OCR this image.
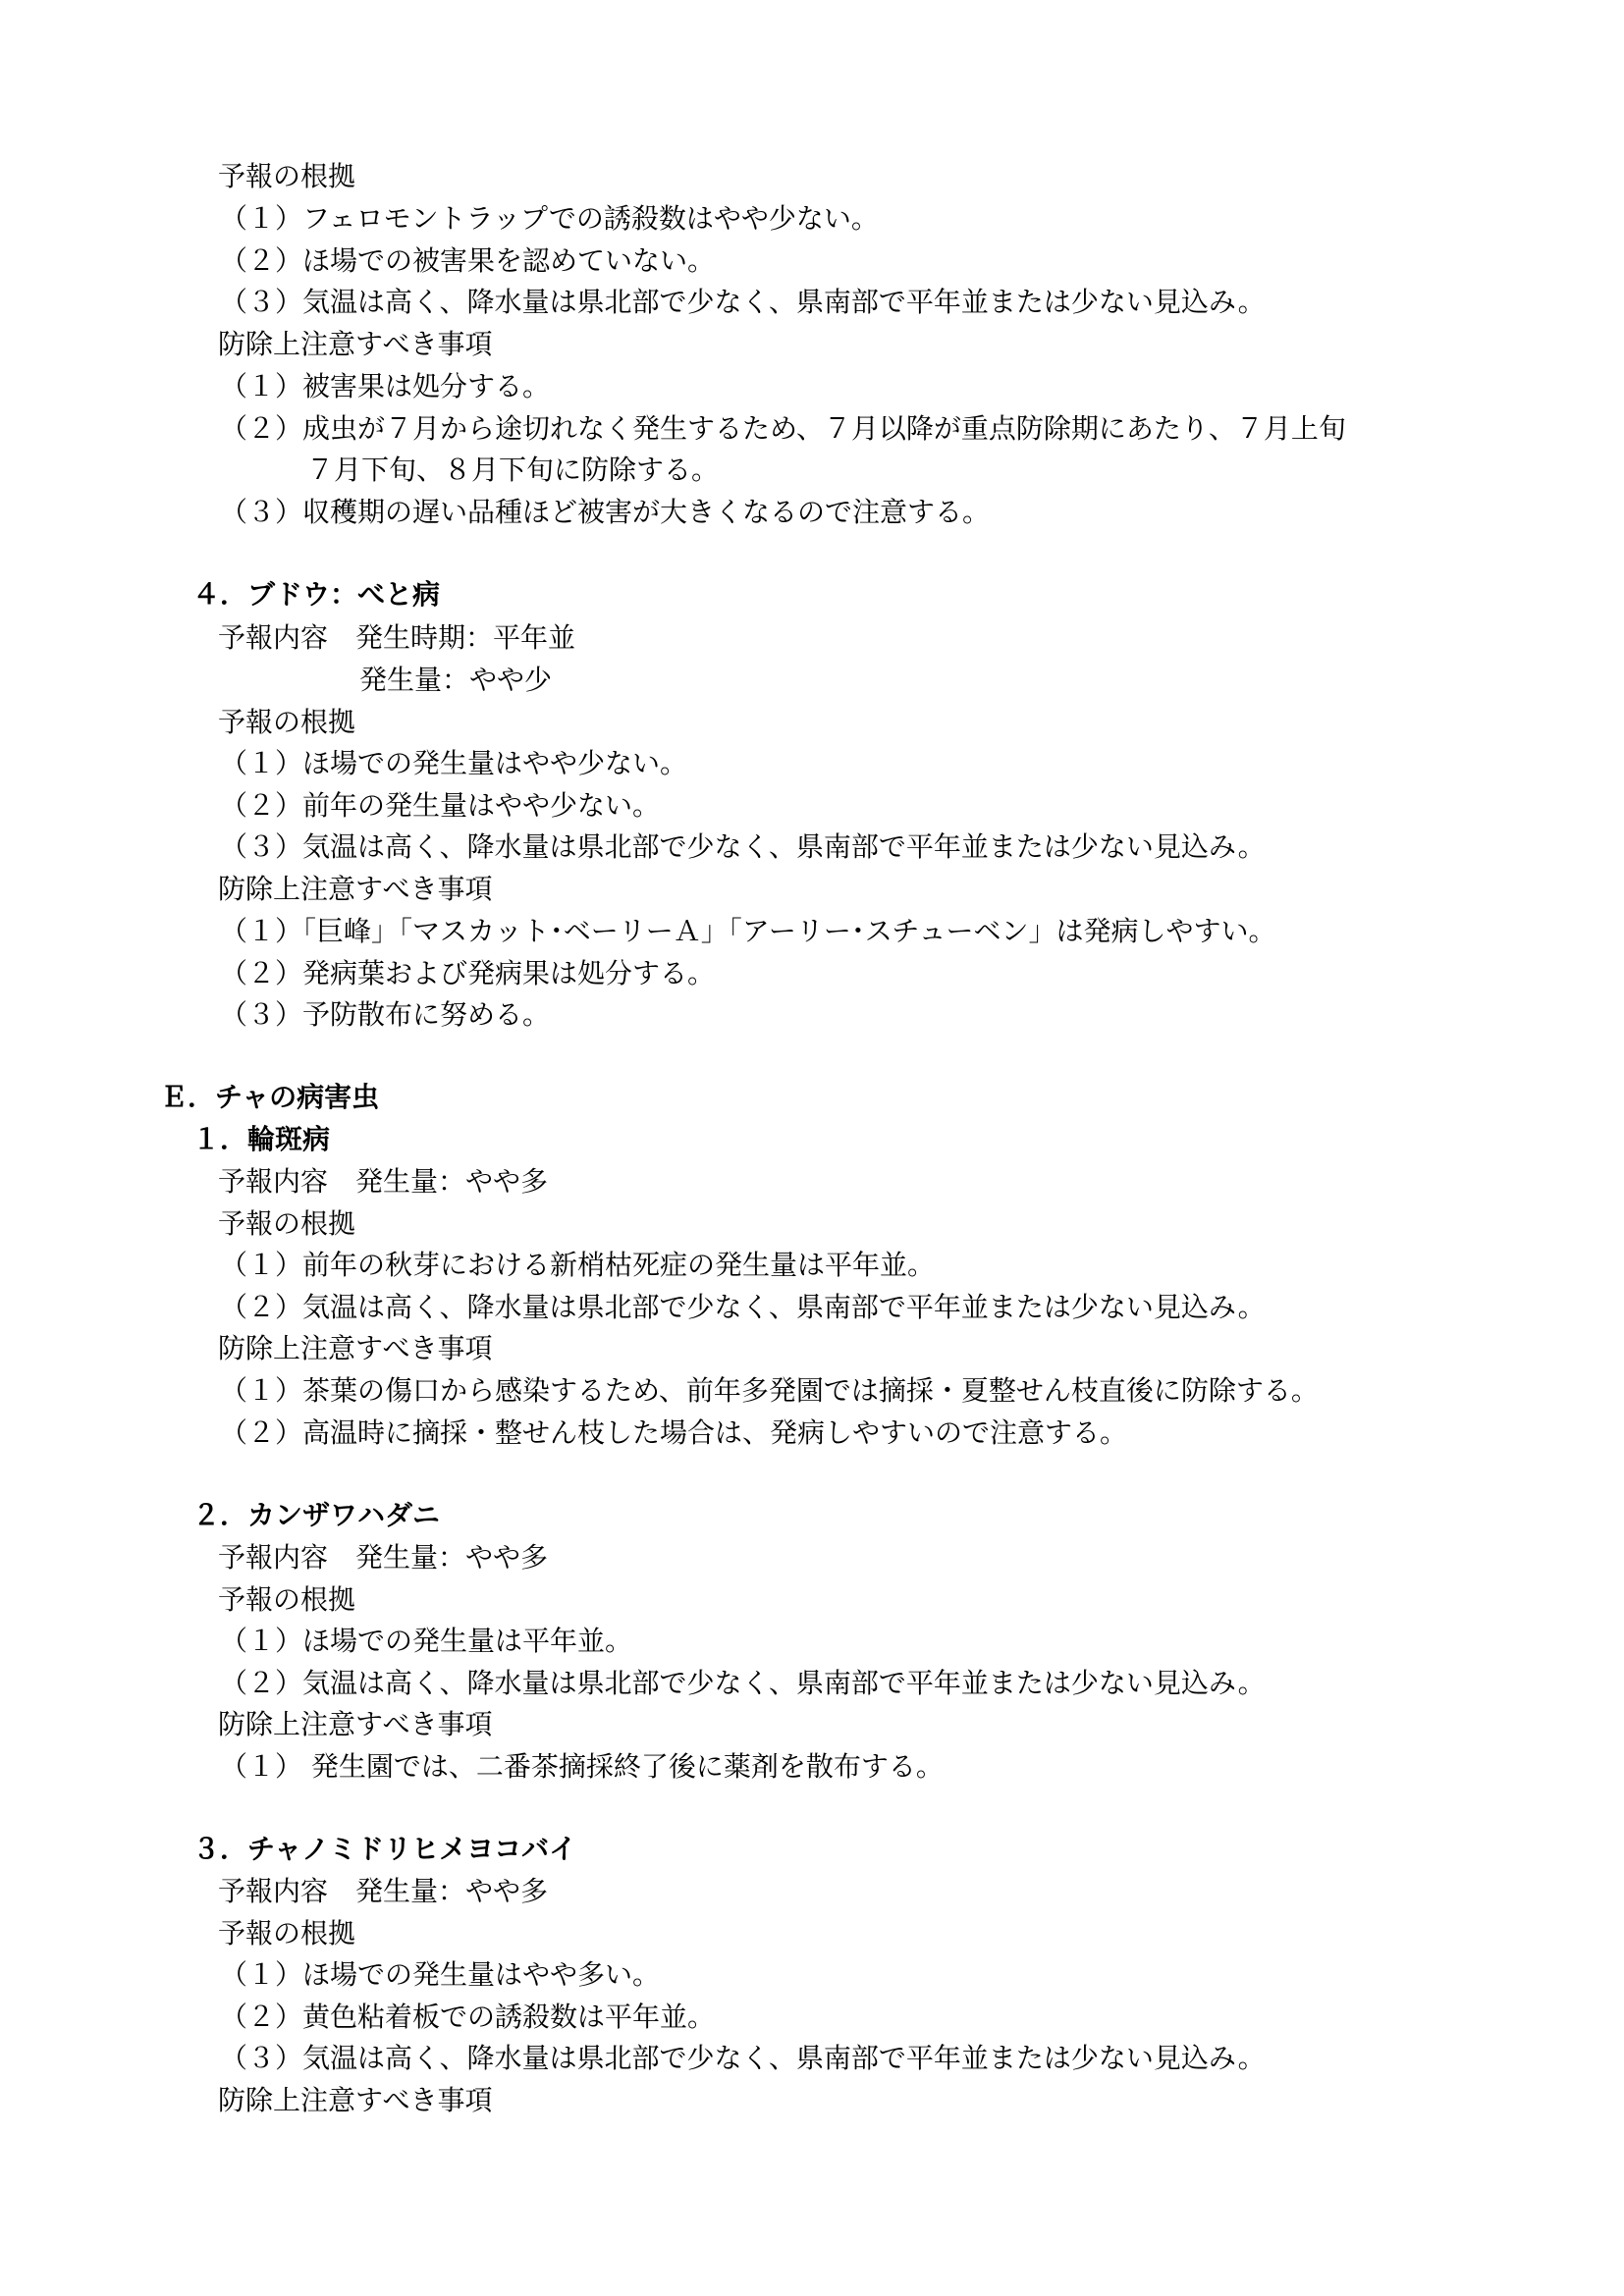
予報の根拠
（１）フェロモントラップでの誘殺数はやや少ない。
（２）ほ場での被害果を認めていない。
（３）気温は高く、降水量は県北部で少なく、県南部で平年並または少ない見込み。
防除上注意すべき事項
（１）被害果は処分する。
（２）成虫が７月から途切れなく発生するため、７月以降が重点防除期にあたり、７月上旬
７月下旬、８月下旬に防除する。
（３）収穫期の遅い品種ほど被害が大きくなるので注意する。
４．ブドウ：べと病
予報内容　発生時期：平年並
発生量：やや少
予報の根拠
（１）ほ場での発生量はやや少ない。
（２）前年の発生量はやや少ない。
（３）気温は高く、降水量は県北部で少なく、県南部で平年並または少ない見込み。
防除上注意すべき事項
（１）「巨峰」「マスカット･ベーリーＡ」「アーリー･スチューベン」は発病しやすい。
（２）発病葉および発病果は処分する。
（３）予防散布に努める。
Ｅ．チャの病害虫
１．輪斑病
予報内容　発生量：やや多
予報の根拠
（１）前年の秋芽における新梢枯死症の発生量は平年並。
（２）気温は高く、降水量は県北部で少なく、県南部で平年並または少ない見込み。
防除上注意すべき事項
（１）茶葉の傷口から感染するため、前年多発園では摘採・夏整せん枝直後に防除する。
（２）高温時に摘採・整せん枝した場合は、発病しやすいので注意する。
２．カンザワハダニ
予報内容　発生量：やや多
予報の根拠
（１）ほ場での発生量は平年並。
（２）気温は高く、降水量は県北部で少なく、県南部で平年並または少ない見込み。
防除上注意すべき事項
（１） 発生園では、二番茶摘採終了後に薬剤を散布する。
３．チャノミドリヒメヨコバイ
予報内容　発生量：やや多
予報の根拠
（１）ほ場での発生量はやや多い。
（２）黄色粘着板での誘殺数は平年並。
（３）気温は高く、降水量は県北部で少なく、県南部で平年並または少ない見込み。
防除上注意すべき事項
